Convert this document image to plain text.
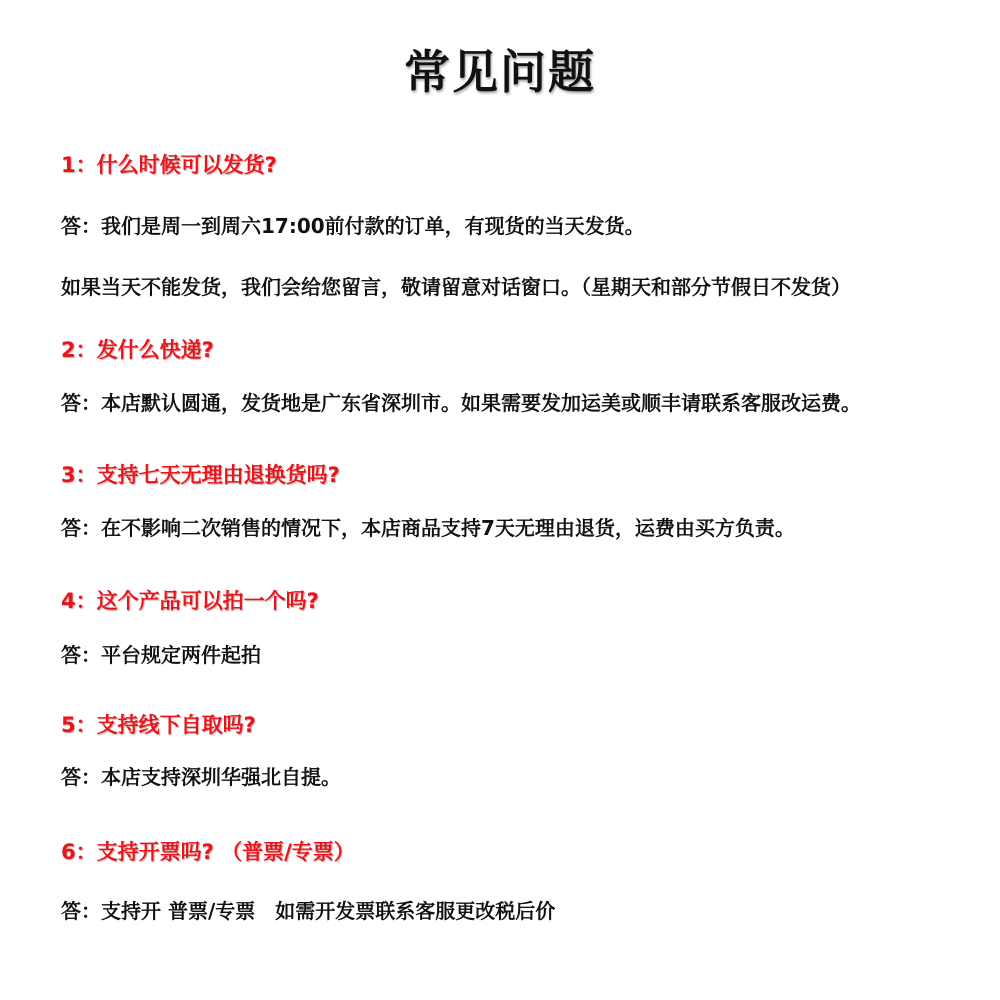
常见问题
1：什么时候可以发货?
答：我们是周一到周六17:00前付款的订单，有现货的当天发货。
如果当天不能发货，我们会给您留言，敬请留意对话窗口。（星期天和部分节假日不发货）
2：发什么快递?
答：本店默认圆通，发货地是广东省深圳市。如果需要发加运美或顺丰请联系客服改运费。
3：支持七天无理由退换货吗?
答：在不影响二次销售的情况下，本店商品支持7天无理由退货，运费由买方负责。
4：这个产品可以拍一个吗?
答：平台规定两件起拍
5：支持线下自取吗?
答：本店支持深圳华强北自提。
6：支持开票吗? （普票/专票）
答：支持开 普票/专票　如需开发票联系客服更改税后价
